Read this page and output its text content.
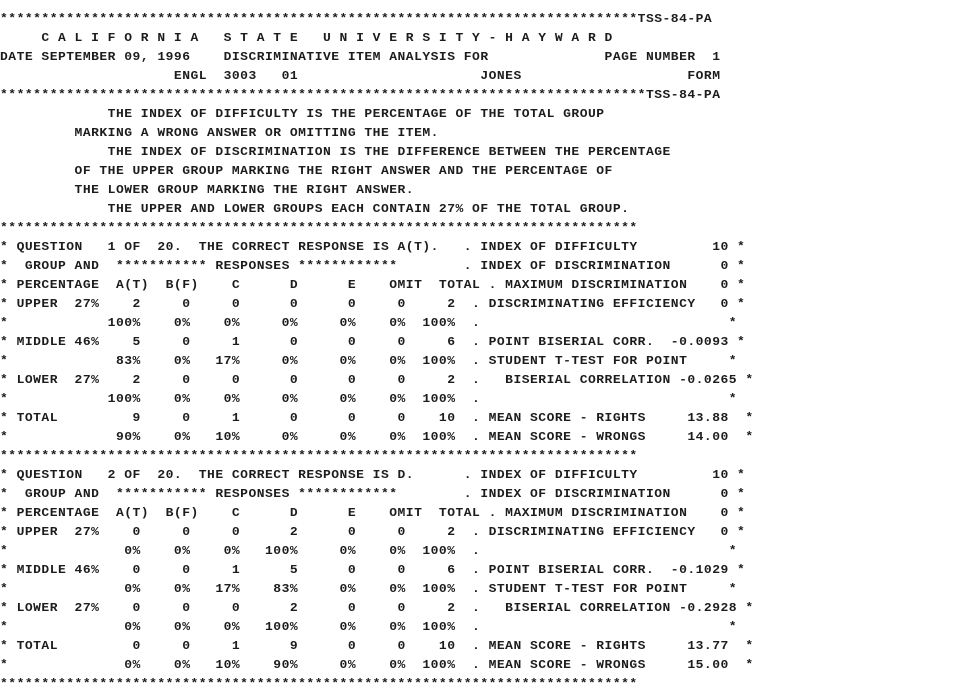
*****************************************************************************TSS-84-PA
C A L I F O R N I A   S T A T E   U N I V E R S I T Y - H A Y W A R D
DATE SEPTEMBER 09, 1996    DISCRIMINATIVE ITEM ANALYSIS FOR              PAGE NUMBER  1
ENGL  3003   01                      JONES                    FORM
******************************************************************************TSS-84-PA
THE INDEX OF DIFFICULTY IS THE PERCENTAGE OF THE TOTAL GROUP
MARKING A WRONG ANSWER OR OMITTING THE ITEM.
THE INDEX OF DISCRIMINATION IS THE DIFFERENCE BETWEEN THE PERCENTAGE
OF THE UPPER GROUP MARKING THE RIGHT ANSWER AND THE PERCENTAGE OF
THE LOWER GROUP MARKING THE RIGHT ANSWER.
THE UPPER AND LOWER GROUPS EACH CONTAIN 27% OF THE TOTAL GROUP.
*****************************************************************************
* QUESTION   1 OF  20.  THE CORRECT RESPONSE IS A(T).   . INDEX OF DIFFICULTY         10 *
*  GROUP AND  *********** RESPONSES ************        . INDEX OF DISCRIMINATION      0 *
* PERCENTAGE  A(T)  B(F)    C      D      E    OMIT  TOTAL . MAXIMUM DISCRIMINATION    0 *
* UPPER  27%    2     0     0      0      0     0     2  . DISCRIMINATING EFFICIENCY   0 *
*            100%    0%    0%     0%     0%    0%  100%  .                              *
* MIDDLE 46%    5     0     1      0      0     0     6  . POINT BISERIAL CORR.  -0.0093 *
*             83%    0%   17%     0%     0%    0%  100%  . STUDENT T-TEST FOR POINT     *
* LOWER  27%    2     0     0      0      0     0     2  .   BISERIAL CORRELATION -0.0265 *
*            100%    0%    0%     0%     0%    0%  100%  .                              *
* TOTAL         9     0     1      0      0     0    10  . MEAN SCORE - RIGHTS     13.88  *
*             90%    0%   10%     0%     0%    0%  100%  . MEAN SCORE - WRONGS     14.00  *
*****************************************************************************
* QUESTION   2 OF  20.  THE CORRECT RESPONSE IS D.      . INDEX OF DIFFICULTY         10 *
*  GROUP AND  *********** RESPONSES ************        . INDEX OF DISCRIMINATION      0 *
* PERCENTAGE  A(T)  B(F)    C      D      E    OMIT  TOTAL . MAXIMUM DISCRIMINATION    0 *
* UPPER  27%    0     0     0      2      0     0     2  . DISCRIMINATING EFFICIENCY   0 *
*              0%    0%    0%   100%     0%    0%  100%  .                              *
* MIDDLE 46%    0     0     1      5      0     0     6  . POINT BISERIAL CORR.  -0.1029 *
*              0%    0%   17%    83%     0%    0%  100%  . STUDENT T-TEST FOR POINT     *
* LOWER  27%    0     0     0      2      0     0     2  .   BISERIAL CORRELATION -0.2928 *
*              0%    0%    0%   100%     0%    0%  100%  .                              *
* TOTAL         0     0     1      9      0     0    10  . MEAN SCORE - RIGHTS     13.77  *
*              0%    0%   10%    90%     0%    0%  100%  . MEAN SCORE - WRONGS     15.00  *
*****************************************************************************
